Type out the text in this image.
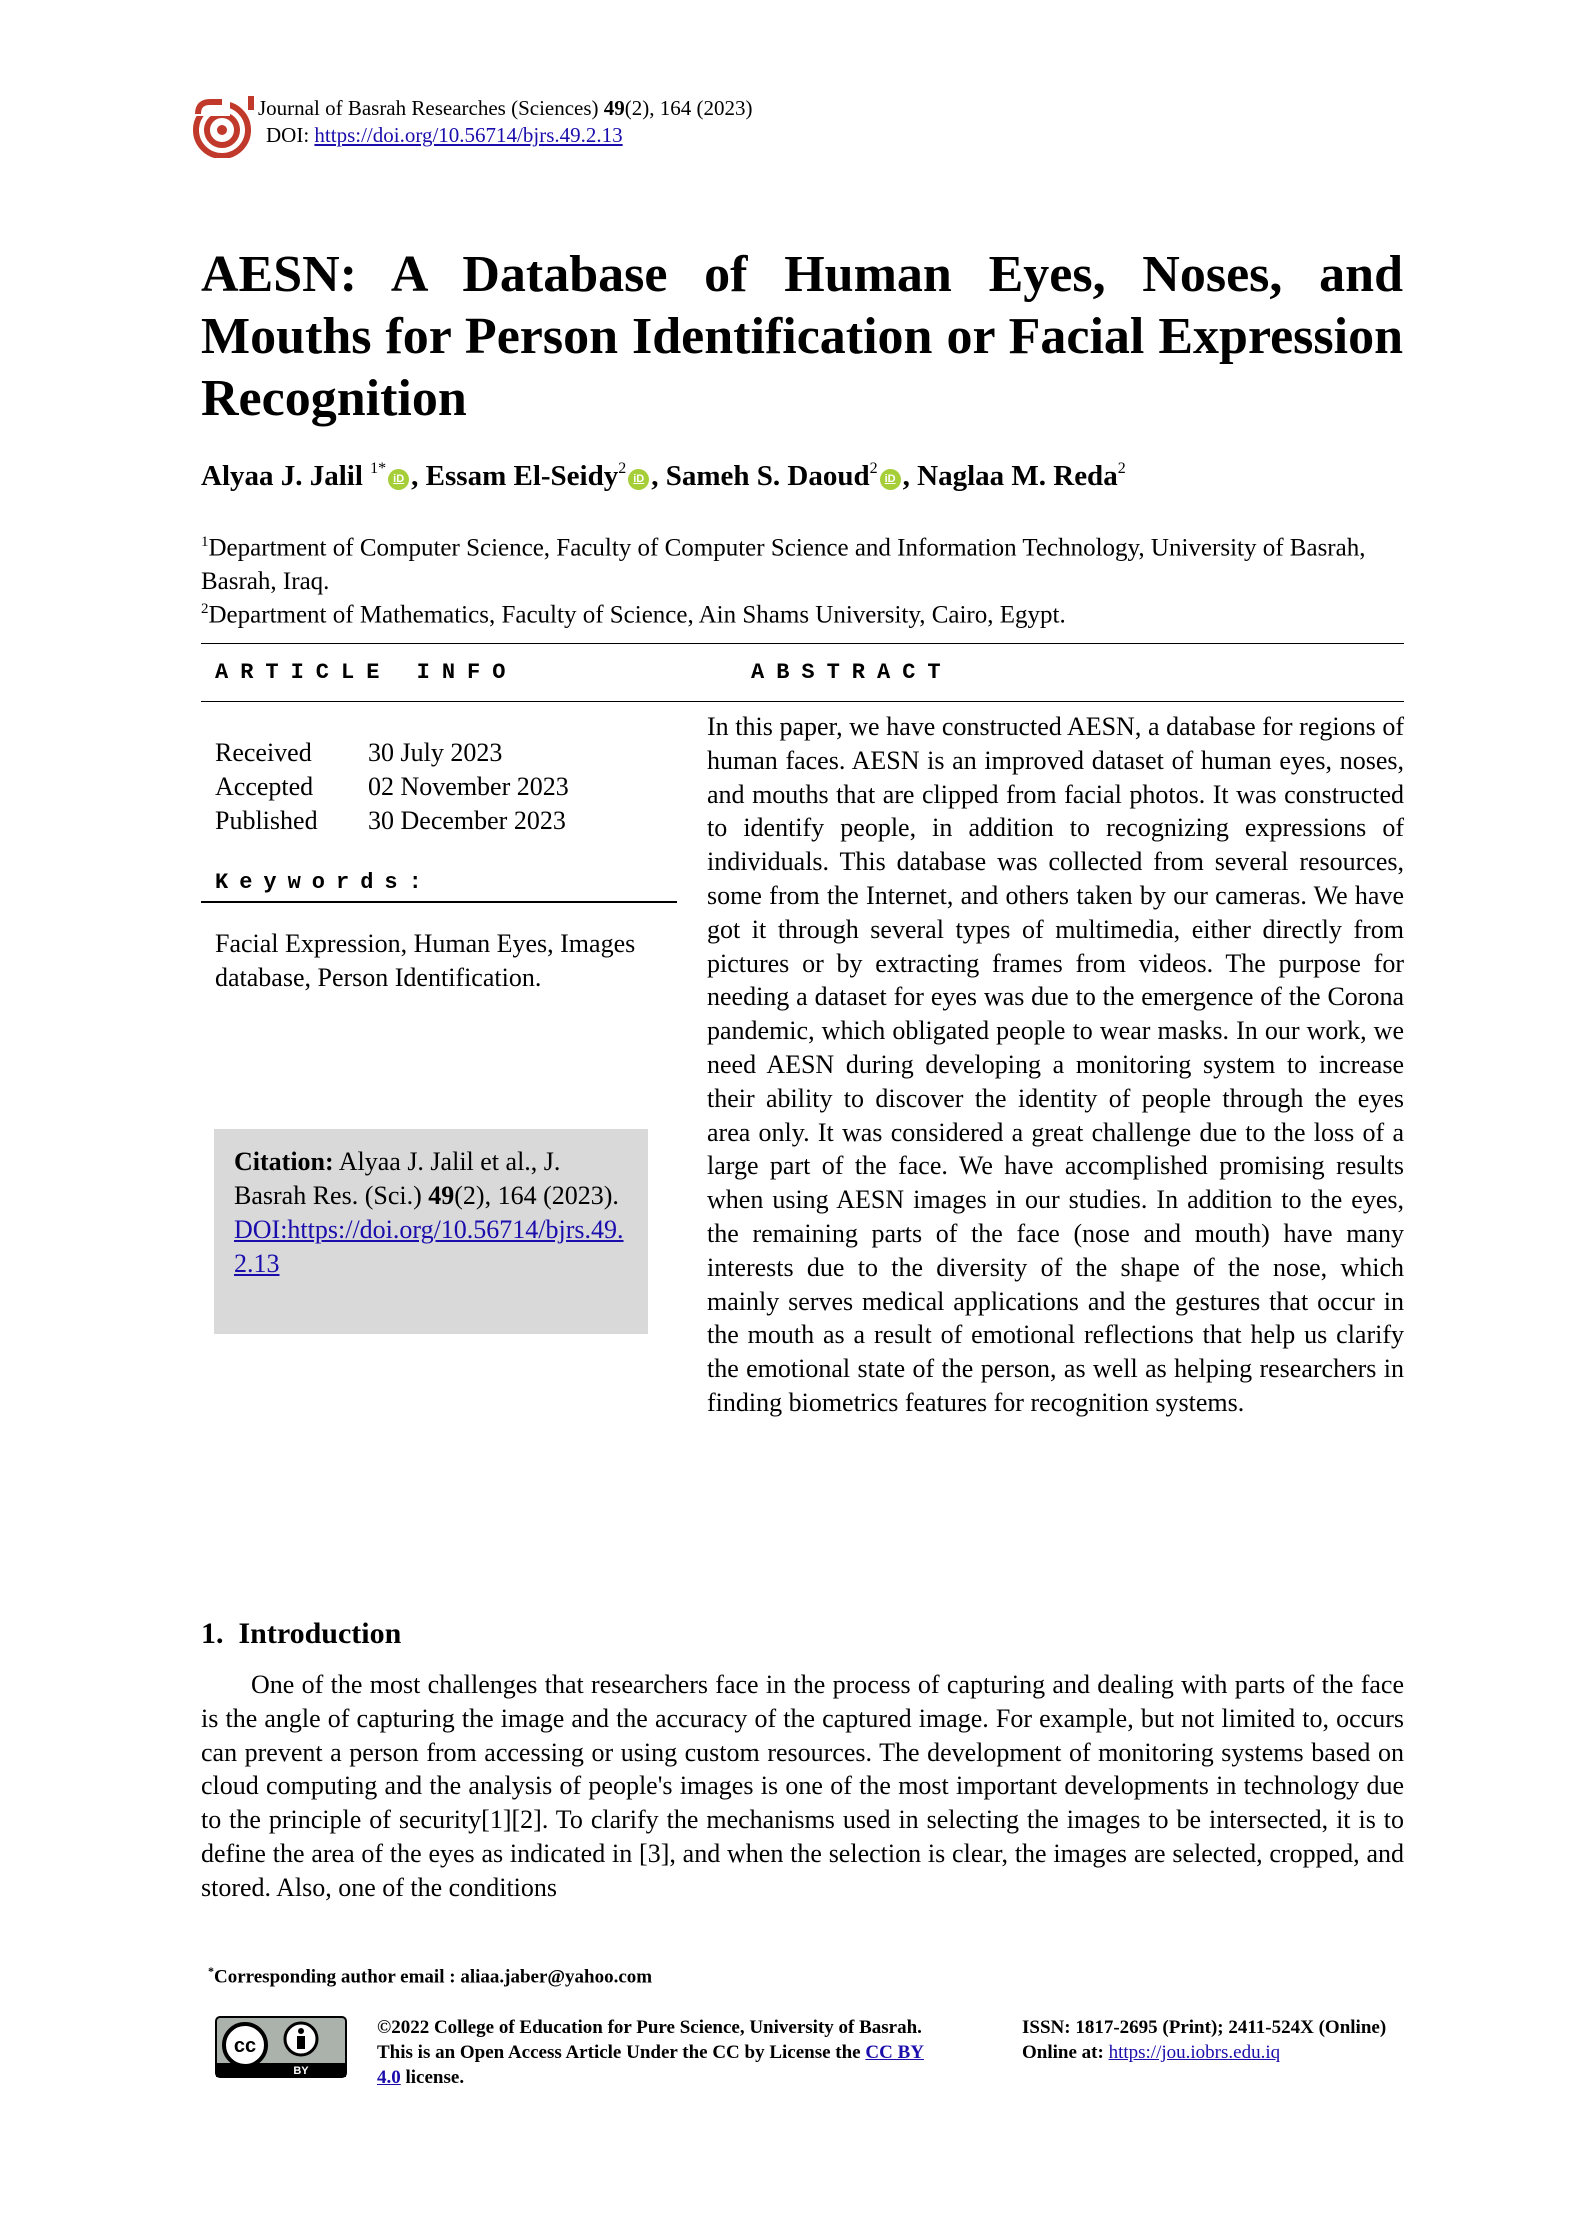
Journal of Basrah Researches (Sciences) 49(2), 164 (2023)
DOI: https://doi.org/10.56714/bjrs.49.2.13
AESN: A Database of Human Eyes, Noses, and Mouths for Person Identification or Facial Expression Recognition
Alyaa J. Jalil $^{1*}$iD , Essam El-Seidy$^2$iD , Sameh S. Daoud$^2$iD , Naglaa M. Reda$^2$
$^1$Department of Computer Science, Faculty of Computer Science and Information Technology, University of Basrah, Basrah, Iraq.
$^2$Department of Mathematics, Faculty of Science, Ain Shams University, Cairo, Egypt.
ARTICLE INFO	ABSTRACT
Received	30 July 2023
Accepted	02 November 2023
Published	30 December 2023
Keywords:
Facial Expression, Human Eyes, Images database, Person Identification.
Citation: Alyaa J. Jalil et al., J. Basrah Res. (Sci.) 49(2), 164 (2023). DOI:https://doi.org/10.56714/bjrs.49.2.13
In this paper, we have constructed AESN, a database for regions of human faces. AESN is an improved dataset of human eyes, noses, and mouths that are clipped from facial photos. It was constructed to identify people, in addition to recognizing expressions of individuals. This database was collected from several resources, some from the Internet, and others taken by our cameras. We have got it through several types of multimedia, either directly from pictures or by extracting frames from videos. The purpose for needing a dataset for eyes was due to the emergence of the Corona pandemic, which obligated people to wear masks. In our work, we need AESN during developing a monitoring system to increase their ability to discover the identity of people through the eyes area only. It was considered a great challenge due to the loss of a large part of the face. We have accomplished promising results when using AESN images in our studies. In addition to the eyes, the remaining parts of the face (nose and mouth) have many interests due to the diversity of the shape of the nose, which mainly serves medical applications and the gestures that occur in the mouth as a result of emotional reflections that help us clarify the emotional state of the person, as well as helping researchers in finding biometrics features for recognition systems.
1.  Introduction
One of the most challenges that researchers face in the process of capturing and dealing with parts of the face is the angle of capturing the image and the accuracy of the captured image. For example, but not limited to, occurs can prevent a person from accessing or using custom resources. The development of monitoring systems based on cloud computing and the analysis of people's images is one of the most important developments in technology due to the principle of security[1][2]. To clarify the mechanisms used in selecting the images to be intersected, it is to define the area of the eyes as indicated in [3], and when the selection is clear, the images are selected, cropped, and stored. Also, one of the conditions
*Corresponding author email : aliaa.jaber@yahoo.com
cc
BY
©2022 College of Education for Pure Science, University of Basrah. This is an Open Access Article Under the CC by License the CC BY 4.0 license.
ISSN: 1817-2695 (Print); 2411-524X (Online)
Online at: https://jou.iobrs.edu.iq
